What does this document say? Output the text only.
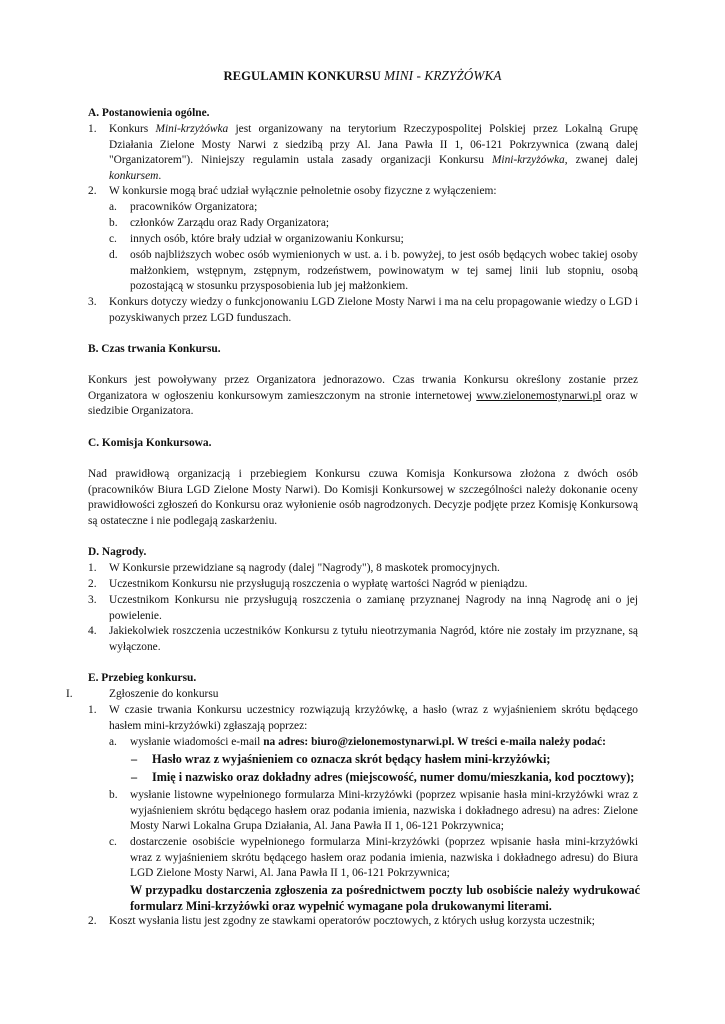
REGULAMIN KONKURSU MINI - KRZYŻÓWKA
A. Postanowienia ogólne.
1. Konkurs Mini-krzyżówka jest organizowany na terytorium Rzeczypospolitej Polskiej przez Lokalną Grupę Działania Zielone Mosty Narwi z siedzibą przy Al. Jana Pawła II 1, 06-121 Pokrzywnica (zwaną dalej "Organizatorem"). Niniejszy regulamin ustala zasady organizacji Konkursu Mini-krzyżówka, zwanej dalej konkursem.
2. W konkursie mogą brać udział wyłącznie pełnoletnie osoby fizyczne z wyłączeniem:
a. pracowników Organizatora;
b. członków Zarządu oraz Rady Organizatora;
c. innych osób, które brały udział w organizowaniu Konkursu;
d. osób najbliższych wobec osób wymienionych w ust. a. i b. powyżej, to jest osób będących wobec takiej osoby małżonkiem, wstępnym, zstępnym, rodzeństwem, powinowatym w tej samej linii lub stopniu, osobą pozostającą w stosunku przysposobienia lub jej małżonkiem.
3. Konkurs dotyczy wiedzy o funkcjonowaniu LGD Zielone Mosty Narwi i ma na celu propagowanie wiedzy o LGD i pozyskiwanych przez LGD funduszach.
B. Czas trwania Konkursu.
Konkurs jest powoływany przez Organizatora jednorazowo. Czas trwania Konkursu określony zostanie przez Organizatora w ogłoszeniu konkursowym zamieszczonym na stronie internetowej www.zielonemostynarwi.pl oraz w siedzibie Organizatora.
C. Komisja Konkursowa.
Nad prawidłową organizacją i przebiegiem Konkursu czuwa Komisja Konkursowa złożona z dwóch osób (pracowników Biura LGD Zielone Mosty Narwi). Do Komisji Konkursowej w szczególności należy dokonanie oceny prawidłowości zgłoszeń do Konkursu oraz wyłonienie osób nagrodzonych. Decyzje podjęte przez Komisję Konkursową są ostateczne i nie podlegają zaskarżeniu.
D. Nagrody.
1. W Konkursie przewidziane są nagrody (dalej "Nagrody"), 8 maskotek promocyjnych.
2. Uczestnikom Konkursu nie przysługują roszczenia o wypłatę wartości Nagród w pieniądzu.
3. Uczestnikom Konkursu nie przysługują roszczenia o zamianę przyznanej Nagrody na inną Nagrodę ani o jej powielenie.
4. Jakiekolwiek roszczenia uczestników Konkursu z tytułu nieotrzymania Nagród, które nie zostały im przyznane, są wyłączone.
E. Przebieg konkursu.
I.	Zgłoszenie do konkursu
1. W czasie trwania Konkursu uczestnicy rozwiązują krzyżówkę, a hasło (wraz z wyjaśnieniem skrótu będącego hasłem mini-krzyżówki) zgłaszają poprzez:
a. wysłanie wiadomości e-mail na adres: biuro@zielonemostynarwi.pl. W treści e-maila należy podać:
– Hasło wraz z wyjaśnieniem co oznacza skrót będący hasłem mini-krzyżówki;
– Imię i nazwisko oraz dokładny adres (miejscowość, numer domu/mieszkania, kod pocztowy);
b. wysłanie listowne wypełnionego formularza Mini-krzyżówki (poprzez wpisanie hasła mini-krzyżówki wraz z wyjaśnieniem skrótu będącego hasłem oraz podania imienia, nazwiska i dokładnego adresu) na adres: Zielone Mosty Narwi Lokalna Grupa Działania, Al. Jana Pawła II 1, 06-121 Pokrzywnica;
c. dostarczenie osobiście wypełnionego formularza Mini-krzyżówki (poprzez wpisanie hasła mini-krzyżówki wraz z wyjaśnieniem skrótu będącego hasłem oraz podania imienia, nazwiska i dokładnego adresu) do Biura LGD Zielone Mosty Narwi, Al. Jana Pawła II 1, 06-121 Pokrzywnica;
W przypadku dostarczenia zgłoszenia za pośrednictwem poczty lub osobiście należy wydrukować formularz Mini-krzyżówki oraz wypełnić wymagane pola drukowanymi literami.
2. Koszt wysłania listu jest zgodny ze stawkami operatorów pocztowych, z których usług korzysta uczestnik;
